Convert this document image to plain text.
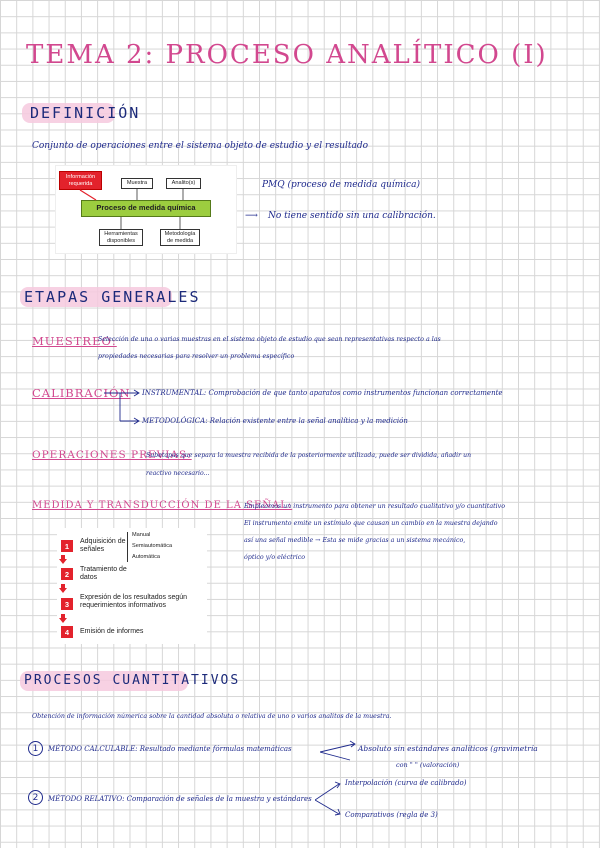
TEMA 2: PROCESO ANALÍTICO (I)
DEFINICIÓN
Conjunto de operaciones entre el sistema objeto de estudio y el resultado
Información requerida	Muestra	Analito(s)
Proceso de medida química
Herramientas disponibles
Metodología de medida
PMQ (proceso de medida química)
⟶ No tiene sentido sin una calibración.
ETAPAS GENERALES
MUESTREO:
Selección de una o varias muestras en el sistema objeto de estudio que sean representativas respecto a las
propiedades necesarias para resolver un problema específico
CALIBRACIÓN INSTRUMENTAL: Comprobación de que tanto aparatos como instrumentos funcionan correctamente
METODOLÓGICA: Relación existente entre la señal analítica y la medición
OPERACIONES PREVIAS:
Subetapas que separa la muestra recibida de la posteriormente utilizada, puede ser dividida, añadir un
reactivo necesario...
MEDIDA Y TRANSDUCCIÓN DE LA SEÑAL:
Empleamos un instrumento para obtener un resultado cualitativo y/o cuantitativo
El instrumento emite un estímulo que causan un cambio en la muestra dejando
así una señal medible → Esta se mide gracias a un sistema mecánico,
óptico y/o eléctrico
1	Adquisición de señales
Manual
Semiautomática
Automática
2	Tratamiento de datos
3
Expresión de los resultados según requerimientos informativos
4	Emisión de informes
PROCESOS CUANTITATIVOS
Obtención de información númerica sobre la cantidad absoluta o relativa de uno o varios analitos de la muestra.
1	MÉTODO CALCULABLE: Resultado mediante fórmulas matemáticas	Absoluto sin estándares analíticos (gravimetría
con " " (valoración)
2	MÉTODO RELATIVO: Comparación de señales de la muestra y estándares
Interpolación (curva de calibrado)
Comparativos (regla de 3)
